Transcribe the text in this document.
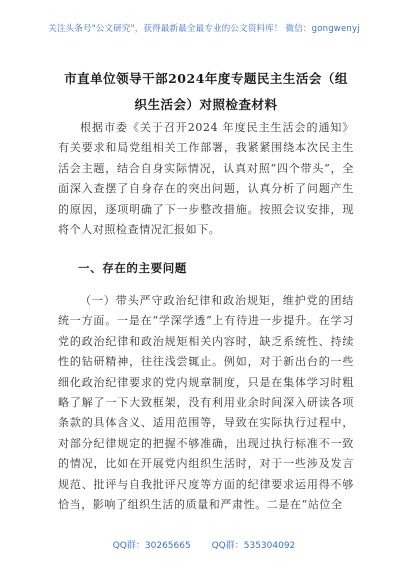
关注头条号"公文研究"，获得最新最全最专业的公文资料库！ 微信：gongwenyj
市直单位领导干部2024年度专题民主生活会（组织生活会）对照检查材料
根据市委《关于召开2024 年度民主生活会的通知》有关要求和局党组相关工作部署，我紧紧围绕本次民主生活会主题，结合自身实际情况，认真对照“四个带头”，全面深入查摆了自身存在的突出问题，认真分析了问题产生的原因，逐项明确了下一步整改措施。按照会议安排，现将个人对照检查情况汇报如下。
一、存在的主要问题
（一）带头严守政治纪律和政治规矩，维护党的团结统一方面。一是在“学深学透”上有待进一步提升。在学习党的政治纪律和政治规矩相关内容时，缺乏系统性、持续性的钻研精神，往往浅尝辄止。例如，对于新出台的一些细化政治纪律要求的党内规章制度，只是在集体学习时粗略了解了一下大致框架，没有利用业余时间深入研读各项条款的具体含义、适用范围等，导致在实际执行过程中，对部分纪律规定的把握不够准确，出现过执行标准不一致的情况，比如在开展党内组织生活时，对于一些涉及发言规范、批评与自我批评尺度等方面的纪律要求运用得不够恰当，影响了组织生活的质量和严肃性。二是在“站位全
QQ群：30265665 QQ群：535304092
